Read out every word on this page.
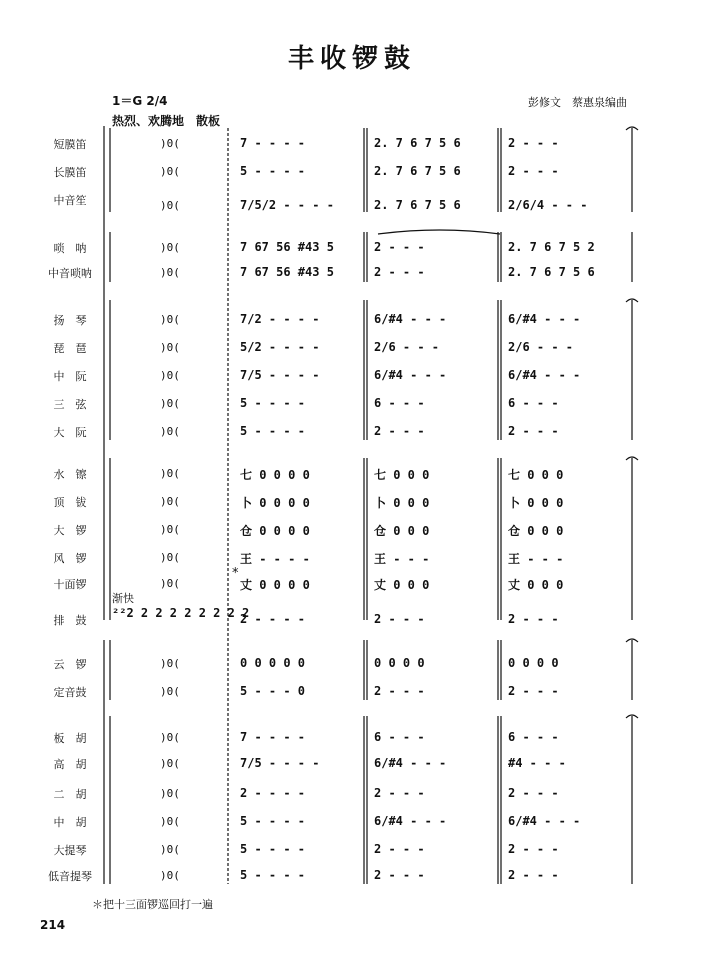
丰收锣鼓
1＝G 2/4
热烈、欢腾地　散板
彭修文　蔡惠泉编曲
渐快
²²2 2 2 2 2 2 2 2 2
*
＊把十三面锣巡回打一遍
214
短膜笛	)0(	7 - - - -	2. 7 6 7 5 6	2 - - -
长膜笛	)0(	5 - - - -	2. 7 6 7 5 6	2 - - -
中音笙	)0(	7/5/2 - - - -	2. 7 6 7 5 6	2/6/4 - - -
唢　呐	)0(	7 67 56 #43 5	2 - - -	2. 7 6 7 5 2
中音唢呐	)0(	7 67 56 #43 5	2 - - -	2. 7 6 7 5 6
扬　琴	)0(	7/2 - - - -	6/#4 - - -	6/#4 - - -
琵　琶	)0(	5/2 - - - -	2/6 - - -	2/6 - - -
中　阮	)0(	7/5 - - - -	6/#4 - - -	6/#4 - - -
三　弦	)0(	5 - - - -	6 - - -	6 - - -
大　阮	)0(	5 - - - -	2 - - -	2 - - -
水　镲	)0(	七 0 0 0 0	七 0 0 0	七 0 0 0
顶　钹	)0(	卜 0 0 0 0	卜 0 0 0	卜 0 0 0
大　锣	)0(	仓 0 0 0 0	仓 0 0 0	仓 0 0 0
风　锣	)0(	王 - - - -	王 - - -	王 - - -
十面锣	)0(	丈 0 0 0 0	丈 0 0 0	丈 0 0 0
排　鼓	2 - - - -	2 - - -	2 - - -
云　锣	)0(	0 0 0 0 0	0 0 0 0	0 0 0 0
定音鼓	)0(	5 - - - 0	2 - - -	2 - - -
板　胡	)0(	7 - - - -	6 - - -	6 - - -
高　胡	)0(	7/5 - - - -	6/#4 - - -	#4 - - -
二　胡	)0(	2 - - - -	2 - - -	2 - - -
中　胡	)0(	5 - - - -	6/#4 - - -	6/#4 - - -
大提琴	)0(	5 - - - -	2 - - -	2 - - -
低音提琴	)0(	5 - - - -	2 - - -	2 - - -
